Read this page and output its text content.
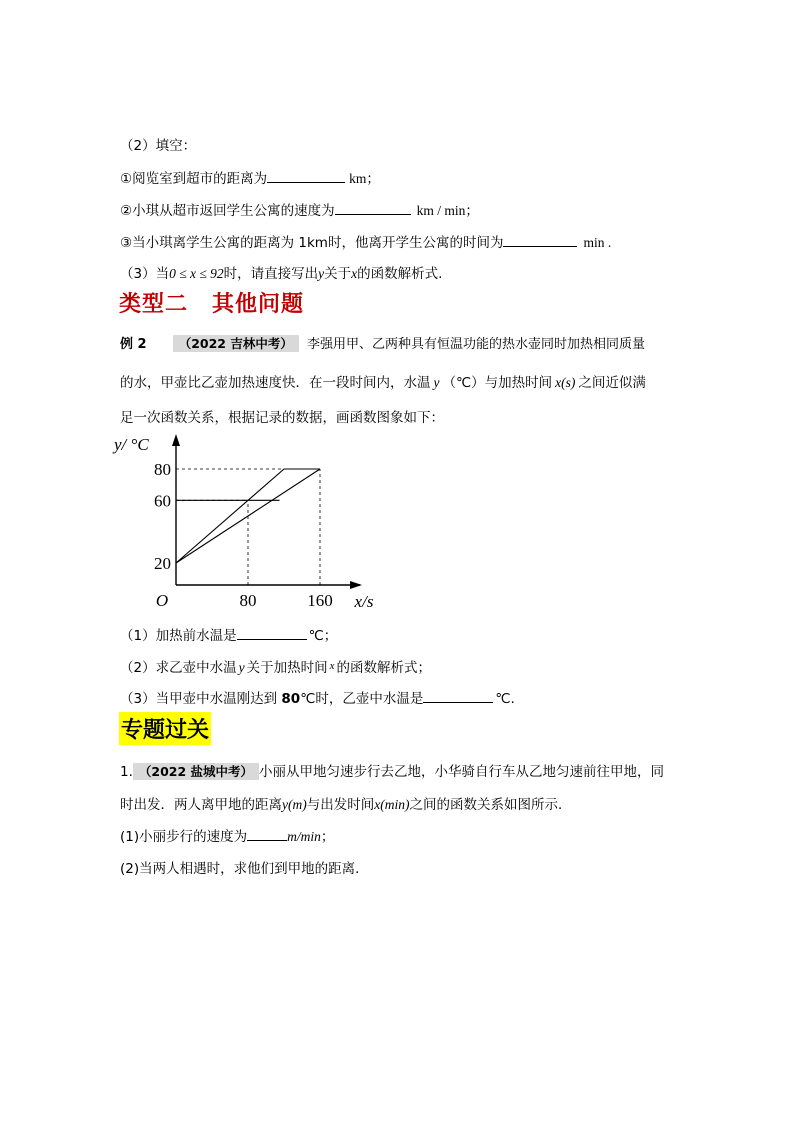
（2）填空：
①阅览室到超市的距离为	km；
②小琪从超市返回学生公寓的速度为	km / min；
③当小琪离学生公寓的距离为 1km时，他离开学生公寓的时间为	min .
（3）当0 ≤ x ≤ 92时，请直接写出y关于x的函数解析式.
类型二 其他问题
例 2	（2022 吉林中考） 李强用甲、乙两种具有恒温功能的热水壶同时加热相同质量
的水，甲壶比乙壶加热速度快．在一段时间内，水温 y （℃）与加热时间 x(s) 之间近似满
足一次函数关系，根据记录的数据，画函数图象如下：
20
60
80
80	160
O	x/s
y/ °C
（1）加热前水温是	℃；
（2）求乙壶中水温 y 关于加热时间 $^x$ 的函数解析式；
（3）当甲壶中水温刚达到 80℃时，乙壶中水温是	℃.
专题过关
1. （2022 盐城中考） 小丽从甲地匀速步行去乙地，小华骑自行车从乙地匀速前往甲地，同
时出发．两人离甲地的距离y(m)与出发时间x(min)之间的函数关系如图所示．
(1)小丽步行的速度为	m/min；
(2)当两人相遇时，求他们到甲地的距离．
